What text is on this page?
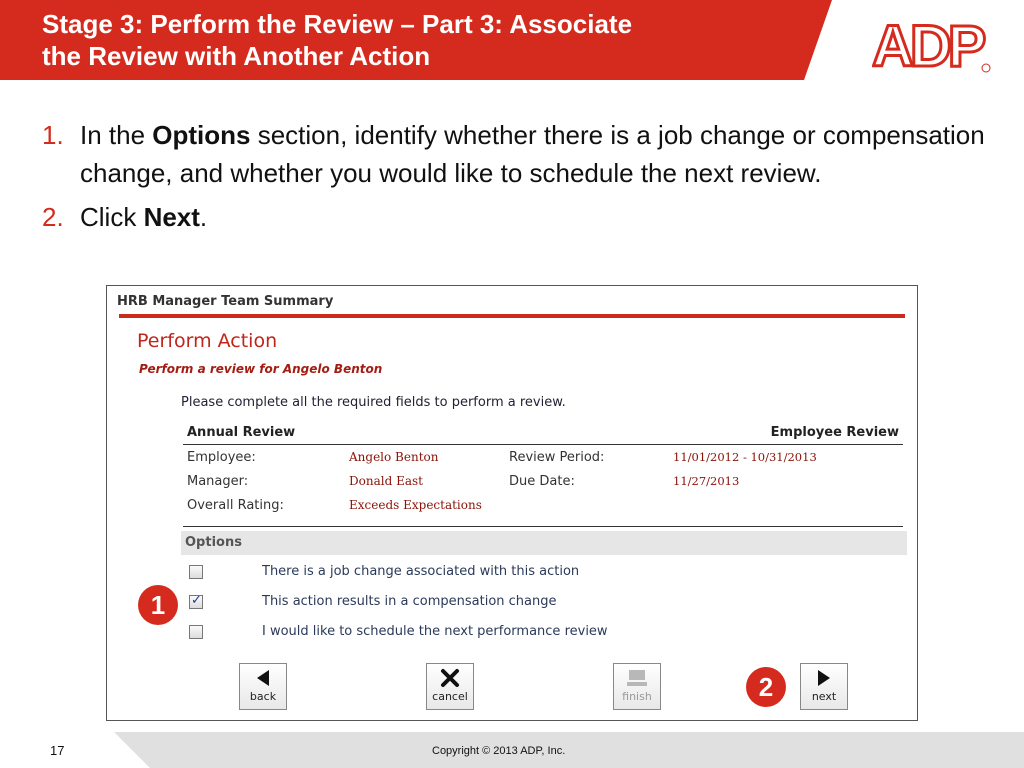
Stage 3: Perform the Review – Part 3: Associate
the Review with Another Action	ADP
1. In the Options section, identify whether there is a job change or compensation change, and whether you would like to schedule the next review.
2. Click Next.
HRB Manager Team Summary
Perform Action
Perform a review for Angelo Benton
Please complete all the required fields to perform a review.
Annual Review	Employee Review
Employee:	Angelo Benton	Review Period:	11/01/2012 - 10/31/2013
Manager:	Donald East	Due Date:	11/27/2013
Overall Rating:	Exceeds Expectations
Options
There is a job change associated with this action
✓
This action results in a compensation change
I would like to schedule the next performance review
1
2
back	cancel	finish	next
17	Copyright © 2013 ADP, Inc.
